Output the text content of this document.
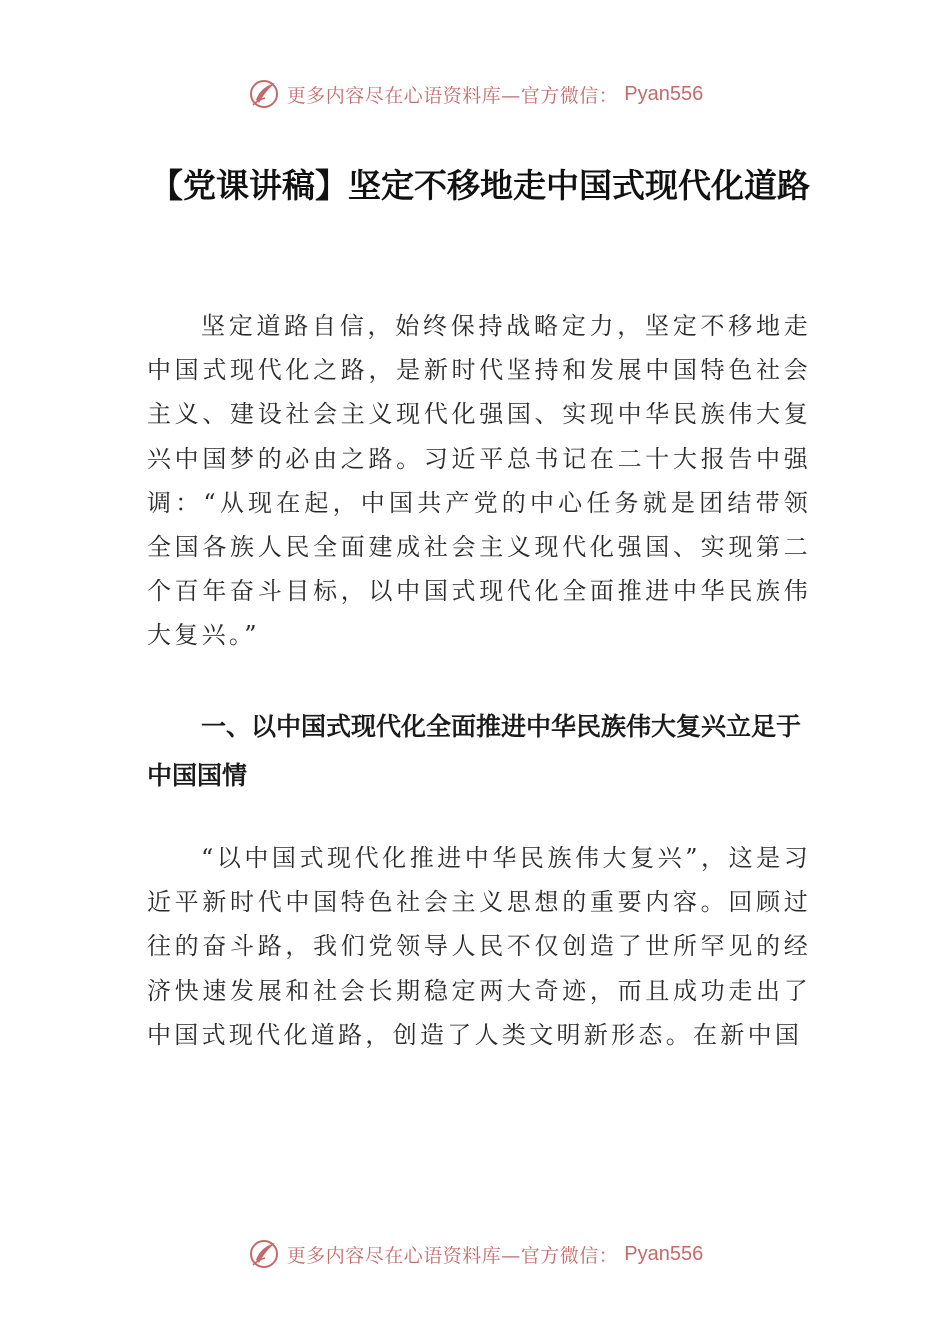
更多内容尽在心语资料库—官方微信： Pyan556
【党课讲稿】坚定不移地走中国式现代化道路

坚定道路自信，始终保持战略定力，坚定不移地走中国式现代化之路，是新时代坚持和发展中国特色社会主义、建设社会主义现代化强国、实现中华民族伟大复兴中国梦的必由之路。习近平总书记在二十大报告中强调：“从现在起，中国共产党的中心任务就是团结带领全国各族人民全面建成社会主义现代化强国、实现第二个百年奋斗目标，以中国式现代化全面推进中华民族伟大复兴。”

一、以中国式现代化全面推进中华民族伟大复兴立足于中国国情

“以中国式现代化推进中华民族伟大复兴”，这是习近平新时代中国特色社会主义思想的重要内容。回顾过往的奋斗路，我们党领导人民不仅创造了世所罕见的经济快速发展和社会长期稳定两大奇迹，而且成功走出了中国式现代化道路，创造了人类文明新形态。在新中国

更多内容尽在心语资料库—官方微信： Pyan556
